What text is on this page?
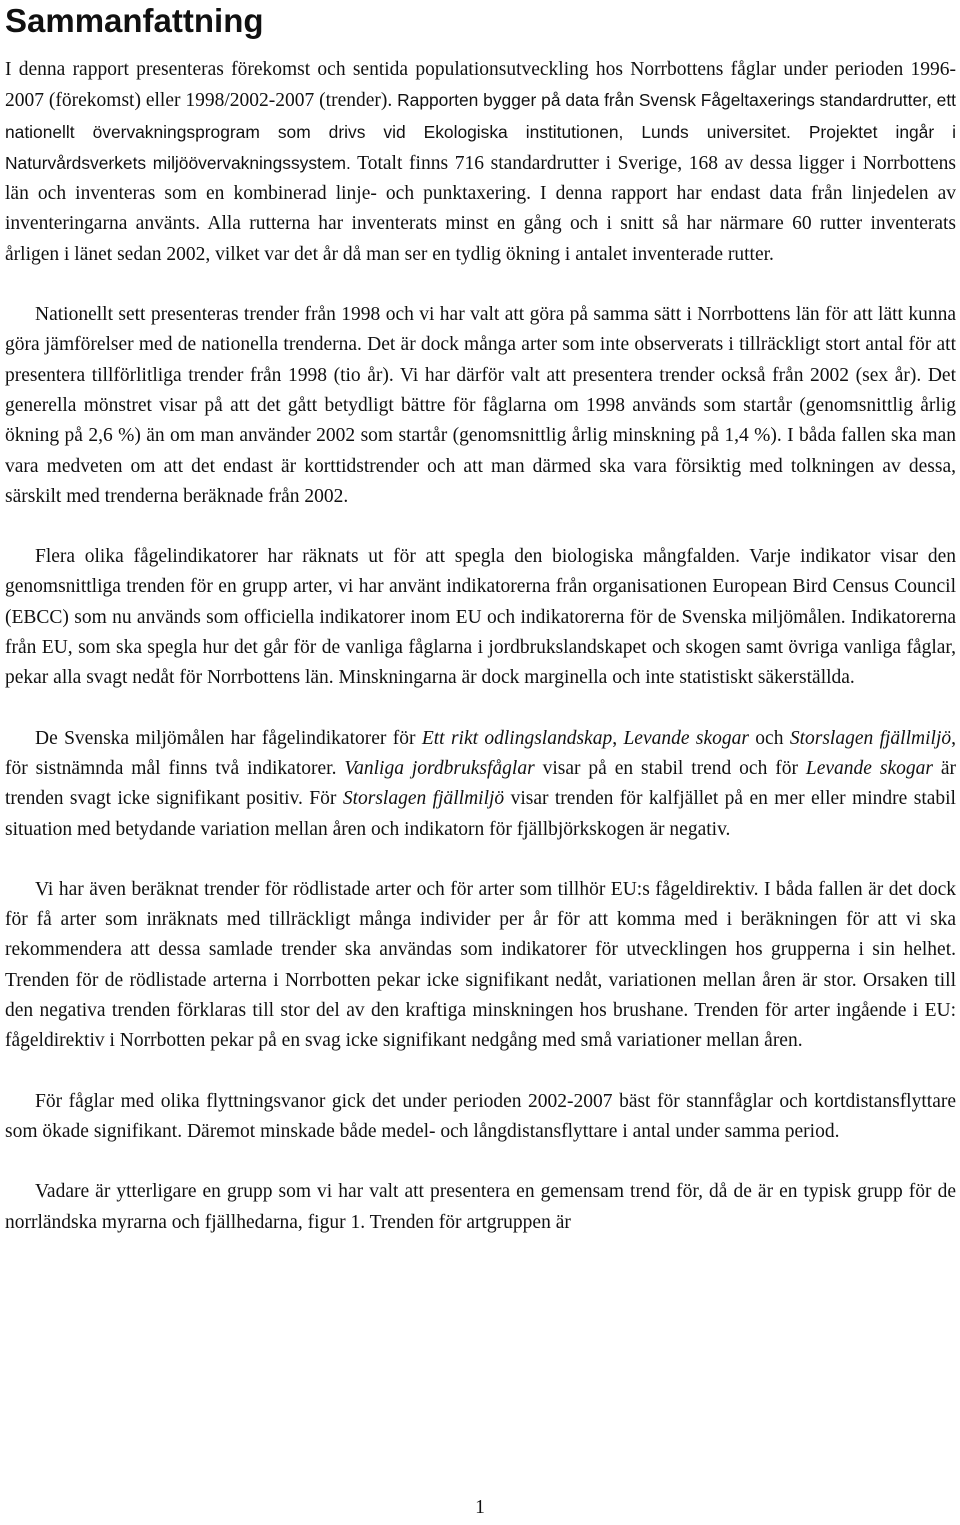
Sammanfattning

I denna rapport presenteras förekomst och sentida populationsutveckling hos Norrbottens fåglar under perioden 1996-2007 (förekomst) eller 1998/2002-2007 (trender). Rapporten bygger på data från Svensk Fågeltaxerings standardrutter, ett nationellt övervakningsprogram som drivs vid Ekologiska institutionen, Lunds universitet. Projektet ingår i Naturvårdsverkets miljöövervakningssystem. Totalt finns 716 standardrutter i Sverige, 168 av dessa ligger i Norrbottens län och inventeras som en kombinerad linje- och punktaxering. I denna rapport har endast data från linjedelen av inventeringarna använts. Alla rutterna har inventerats minst en gång och i snitt så har närmare 60 rutter inventerats årligen i länet sedan 2002, vilket var det år då man ser en tydlig ökning i antalet inventerade rutter.

Nationellt sett presenteras trender från 1998 och vi har valt att göra på samma sätt i Norrbottens län för att lätt kunna göra jämförelser med de nationella trenderna. Det är dock många arter som inte observerats i tillräckligt stort antal för att presentera tillförlitliga trender från 1998 (tio år). Vi har därför valt att presentera trender också från 2002 (sex år). Det generella mönstret visar på att det gått betydligt bättre för fåglarna om 1998 används som startår (genomsnittlig årlig ökning på 2,6 %) än om man använder 2002 som startår (genomsnittlig årlig minskning på 1,4 %). I båda fallen ska man vara medveten om att det endast är korttidstrender och att man därmed ska vara försiktig med tolkningen av dessa, särskilt med trenderna beräknade från 2002.

Flera olika fågelindikatorer har räknats ut för att spegla den biologiska mångfalden. Varje indikator visar den genomsnittliga trenden för en grupp arter, vi har använt indikatorerna från organisationen European Bird Census Council (EBCC) som nu används som officiella indikatorer inom EU och indikatorerna för de Svenska miljömålen. Indikatorerna från EU, som ska spegla hur det går för de vanliga fåglarna i jordbrukslandskapet och skogen samt övriga vanliga fåglar, pekar alla svagt nedåt för Norrbottens län. Minskningarna är dock marginella och inte statistiskt säkerställda.

De Svenska miljömålen har fågelindikatorer för Ett rikt odlingslandskap, Levande skogar och Storslagen fjällmiljö, för sistnämnda mål finns två indikatorer. Vanliga jordbruksfåglar visar på en stabil trend och för Levande skogar är trenden svagt icke signifikant positiv. För Storslagen fjällmiljö visar trenden för kalfjället på en mer eller mindre stabil situation med betydande variation mellan åren och indikatorn för fjällbjörkskogen är negativ.

Vi har även beräknat trender för rödlistade arter och för arter som tillhör EU:s fågeldirektiv. I båda fallen är det dock för få arter som inräknats med tillräckligt många individer per år för att komma med i beräkningen för att vi ska rekommendera att dessa samlade trender ska användas som indikatorer för utvecklingen hos grupperna i sin helhet. Trenden för de rödlistade arterna i Norrbotten pekar icke signifikant nedåt, variationen mellan åren är stor. Orsaken till den negativa trenden förklaras till stor del av den kraftiga minskningen hos brushane. Trenden för arter ingående i EU: fågeldirektiv i Norrbotten pekar på en svag icke signifikant nedgång med små variationer mellan åren.

För fåglar med olika flyttningsvanor gick det under perioden 2002-2007 bäst för stannfåglar och kortdistansflyttare som ökade signifikant. Däremot minskade både medel- och långdistansflyttare i antal under samma period.

Vadare är ytterligare en grupp som vi har valt att presentera en gemensam trend för, då de är en typisk grupp för de norrländska myrarna och fjällhedarna, figur 1. Trenden för artgruppen är

1
